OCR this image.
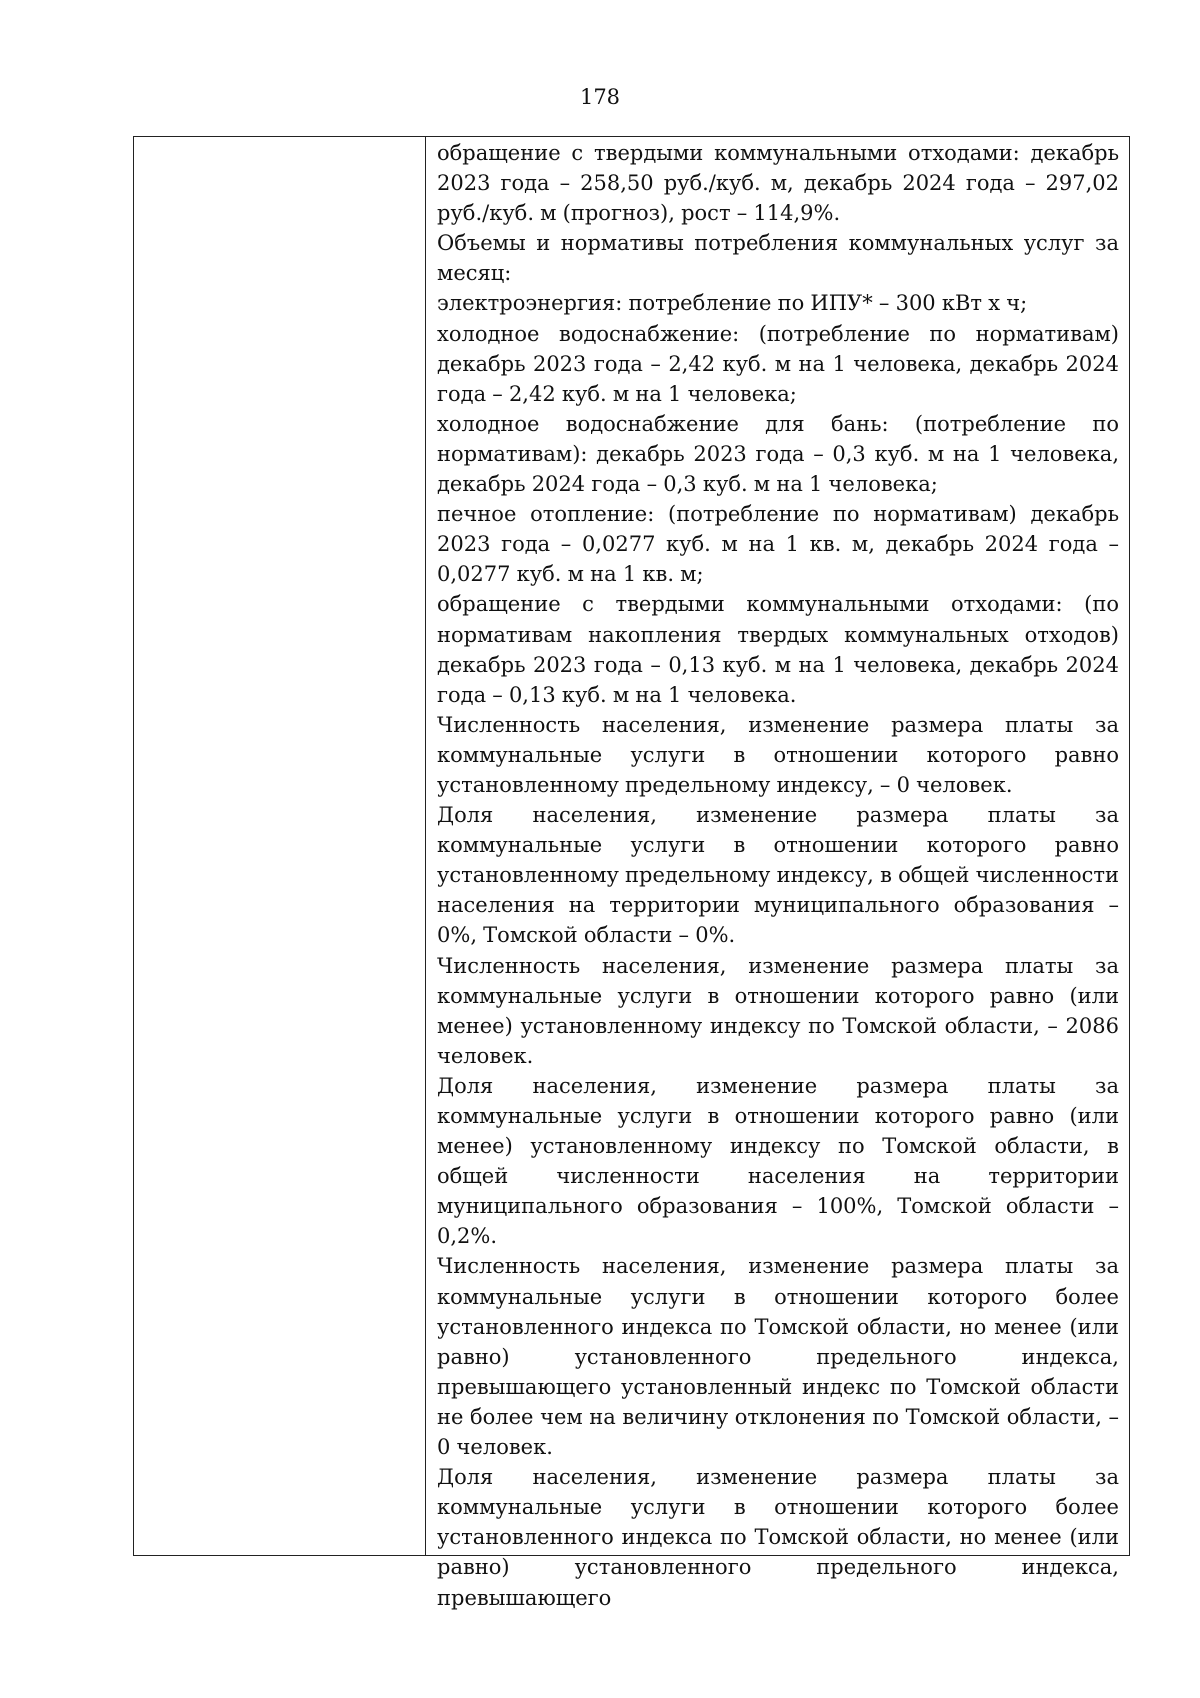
178

обращение с твердыми коммунальными отходами: декабрь 2023 года – 258,50 руб./куб. м, декабрь 2024 года – 297,02 руб./куб. м (прогноз), рост – 114,9%.

Объемы и нормативы потребления коммунальных услуг за месяц:

электроэнергия: потребление по ИПУ* – 300 кВт х ч;

холодное водоснабжение: (потребление по нормативам) декабрь 2023 года – 2,42 куб. м на 1 человека, декабрь 2024 года – 2,42 куб. м на 1 человека;

холодное водоснабжение для бань: (потребление по нормативам): декабрь 2023 года – 0,3 куб. м на 1 человека, декабрь 2024 года – 0,3 куб. м на 1 человека;

печное отопление: (потребление по нормативам) декабрь 2023 года – 0,0277 куб. м на 1 кв. м, декабрь 2024 года – 0,0277 куб. м на 1 кв. м;

обращение с твердыми коммунальными отходами: (по нормативам накопления твердых коммунальных отходов) декабрь 2023 года – 0,13 куб. м на 1 человека, декабрь 2024 года – 0,13 куб. м на 1 человека.

Численность населения, изменение размера платы за коммунальные услуги в отношении которого равно установленному предельному индексу, – 0 человек.

Доля населения, изменение размера платы за коммунальные услуги в отношении которого равно установленному предельному индексу, в общей численности населения на территории муниципального образования – 0%, Томской области – 0%.

Численность населения, изменение размера платы за коммунальные услуги в отношении которого равно (или менее) установленному индексу по Томской области, – 2086 человек.

Доля населения, изменение размера платы за коммунальные услуги в отношении которого равно (или менее) установленному индексу по Томской области, в общей численности населения на территории муниципального образования – 100%, Томской области – 0,2%.

Численность населения, изменение размера платы за коммунальные услуги в отношении которого более установленного индекса по Томской области, но менее (или равно) установленного предельного индекса, превышающего установленный индекс по Томской области не более чем на величину отклонения по Томской области, – 0 человек.

Доля населения, изменение размера платы за коммунальные услуги в отношении которого более установленного индекса по Томской области, но менее (или равно) установленного предельного индекса, превышающего
